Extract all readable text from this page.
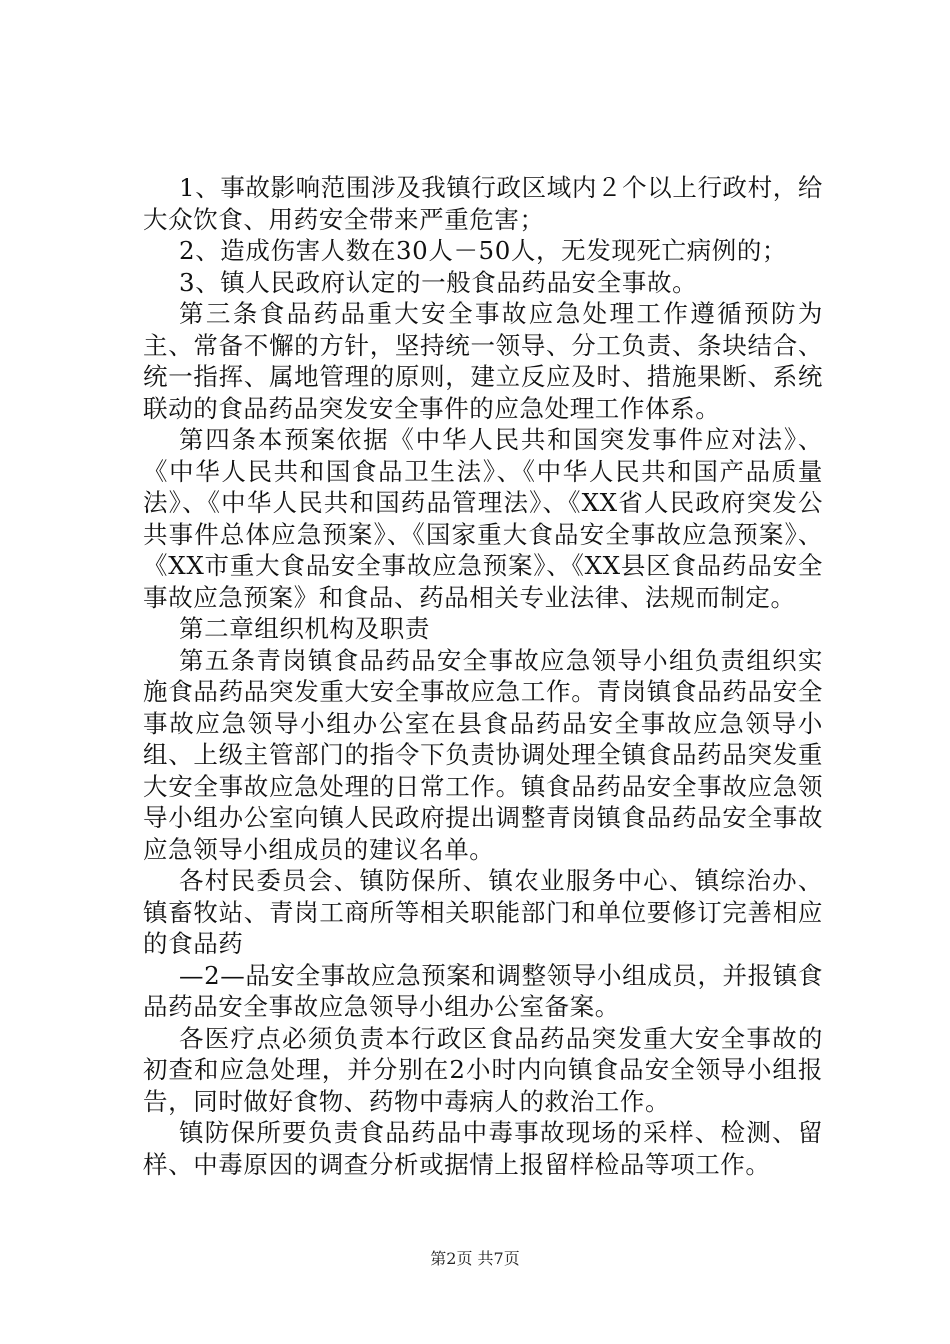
1、事故影响范围涉及我镇行政区域内２个以上行政村，给大众饮食、用药安全带来严重危害；

2、造成伤害人数在30人－50人，无发现死亡病例的；

3、镇人民政府认定的一般食品药品安全事故。

第三条食品药品重大安全事故应急处理工作遵循预防为主、常备不懈的方针，坚持统一领导、分工负责、条块结合、统一指挥、属地管理的原则，建立反应及时、措施果断、系统联动的食品药品突发安全事件的应急处理工作体系。

第四条本预案依据《中华人民共和国突发事件应对法》、《中华人民共和国食品卫生法》、《中华人民共和国产品质量法》、《中华人民共和国药品管理法》、《XX省人民政府突发公共事件总体应急预案》、《国家重大食品安全事故应急预案》、《XX市重大食品安全事故应急预案》、《XX县区食品药品安全事故应急预案》和食品、药品相关专业法律、法规而制定。

第二章组织机构及职责

第五条青岗镇食品药品安全事故应急领导小组负责组织实施食品药品突发重大安全事故应急工作。青岗镇食品药品安全事故应急领导小组办公室在县食品药品安全事故应急领导小组、上级主管部门的指令下负责协调处理全镇食品药品突发重大安全事故应急处理的日常工作。镇食品药品安全事故应急领导小组办公室向镇人民政府提出调整青岗镇食品药品安全事故应急领导小组成员的建议名单。

各村民委员会、镇防保所、镇农业服务中心、镇综治办、镇畜牧站、青岗工商所等相关职能部门和单位要修订完善相应的食品药

—2—品安全事故应急预案和调整领导小组成员，并报镇食品药品安全事故应急领导小组办公室备案。

各医疗点必须负责本行政区食品药品突发重大安全事故的初查和应急处理，并分别在2小时内向镇食品安全领导小组报告，同时做好食物、药物中毒病人的救治工作。

镇防保所要负责食品药品中毒事故现场的采样、检测、留样、中毒原因的调查分析或据情上报留样检品等项工作。

第2页 共7页
